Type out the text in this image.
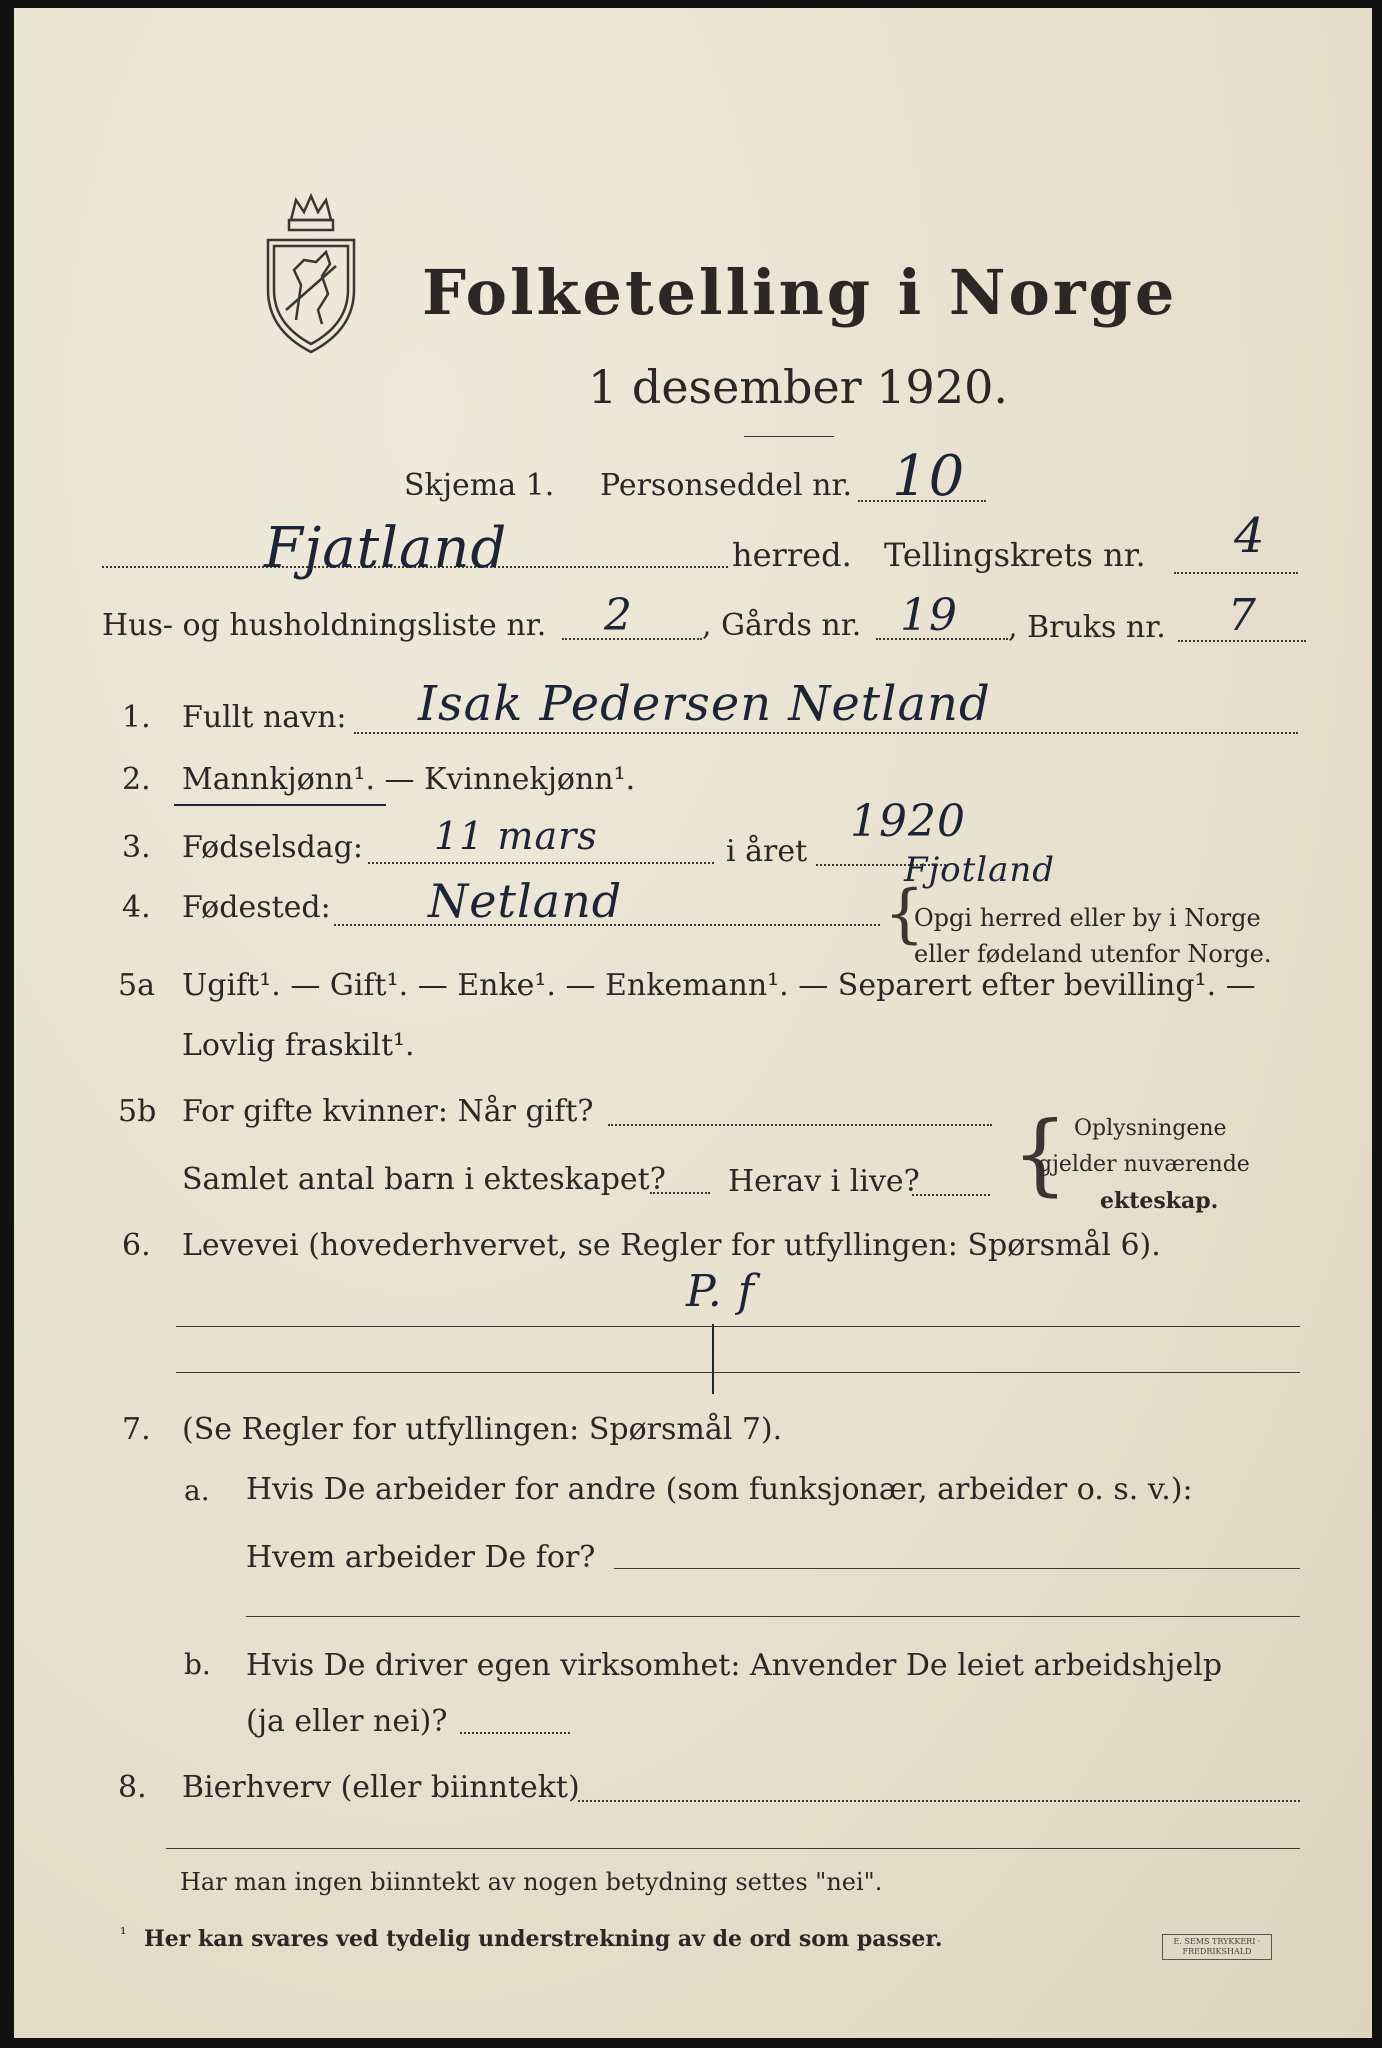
Folketelling i Norge
1 desember 1920.
Skjema 1. Personseddel nr. 10
Fjatland	herred. Tellingskrets nr. 4
Hus- og husholdningsliste nr. 2 , Gårds nr. 19 , Bruks nr. 7
1. Fullt navn: Isak Pedersen Netland
2. Mannkjønn¹. — Kvinnekjønn¹.
3. Fødselsdag: 11 mars	i året
1920
4. Fødested: Netland
Fjotland
{
Opgi herred eller by i Norge
eller fødeland utenfor Norge.
5a Ugift¹. — Gift¹. — Enke¹. — Enkemann¹. — Separert efter bevilling¹. —
Lovlig fraskilt¹.
5b For gifte kvinner: Når gift?
Samlet antal barn i ekteskapet? Herav i live? { Oplysningene
gjelder nuværende
ekteskap.
6. Levevei (hovederhvervet, se Regler for utfyllingen: Spørsmål 6).
P. f
7. (Se Regler for utfyllingen: Spørsmål 7).
a. Hvis De arbeider for andre (som funksjonær, arbeider o. s. v.):
Hvem arbeider De for?
b. Hvis De driver egen virksomhet: Anvender De leiet arbeidshjelp
(ja eller nei)?
8. Bierhverv (eller biinntekt)
Har man ingen biinntekt av nogen betydning settes "nei".
¹ Her kan svares ved tydelig understrekning av de ord som passer.	E. SEMS TRYKKERI · FREDRIKSHALD
